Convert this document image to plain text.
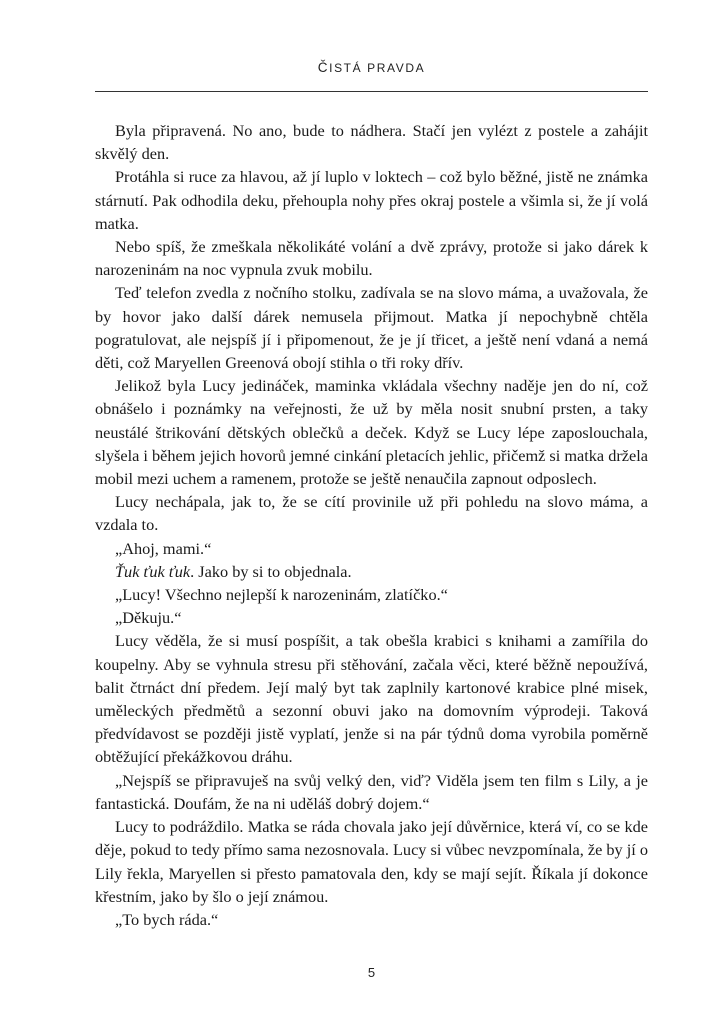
ČISTÁ PRAVDA

Byla připravená. No ano, bude to nádhera. Stačí jen vylézt z postele a zahájit skvělý den.

Protáhla si ruce za hlavou, až jí luplo v loktech – což bylo běžné, jistě ne známka stárnutí. Pak odhodila deku, přehoupla nohy přes okraj postele a všimla si, že jí volá matka.

Nebo spíš, že zmeškala několikáté volání a dvě zprávy, protože si jako dárek k narozeninám na noc vypnula zvuk mobilu.

Teď telefon zvedla z nočního stolku, zadívala se na slovo máma, a uvažovala, že by hovor jako další dárek nemusela přijmout. Matka jí nepochybně chtěla pogratulovat, ale nejspíš jí i připomenout, že je jí třicet, a ještě není vdaná a nemá děti, což Maryellen Greenová obojí stihla o tři roky dřív.

Jelikož byla Lucy jedináček, maminka vkládala všechny naděje jen do ní, což obnášelo i poznámky na veřejnosti, že už by měla nosit snubní prsten, a taky neustálé štrikování dětských oblečků a deček. Když se Lucy lépe zaposlouchala, slyšela i během jejich hovorů jemné cinkání pletacích jehlic, přičemž si matka držela mobil mezi uchem a ramenem, protože se ještě nenaučila zapnout odposlech.

Lucy nechápala, jak to, že se cítí provinile už při pohledu na slovo máma, a vzdala to.

„Ahoj, mami.“

Ťuk ťuk ťuk. Jako by si to objednala.

„Lucy! Všechno nejlepší k narozeninám, zlatíčko.“

„Děkuju.“

Lucy věděla, že si musí pospíšit, a tak obešla krabici s knihami a zamířila do koupelny. Aby se vyhnula stresu při stěhování, začala věci, které běžně nepoužívá, balit čtrnáct dní předem. Její malý byt tak zaplnily kartonové krabice plné misek, uměleckých předmětů a sezonní obuvi jako na domovním výprodeji. Taková předvídavost se později jistě vyplatí, jenže si na pár týdnů doma vyrobila poměrně obtěžující překážkovou dráhu.

„Nejspíš se připravuješ na svůj velký den, viď? Viděla jsem ten film s Lily, a je fantastická. Doufám, že na ni uděláš dobrý dojem.“

Lucy to podráždilo. Matka se ráda chovala jako její důvěrnice, která ví, co se kde děje, pokud to tedy přímo sama nezosnovala. Lucy si vůbec nevzpomínala, že by jí o Lily řekla, Maryellen si přesto pamatovala den, kdy se mají sejít. Říkala jí dokonce křestním, jako by šlo o její známou.

„To bych ráda.“

5
